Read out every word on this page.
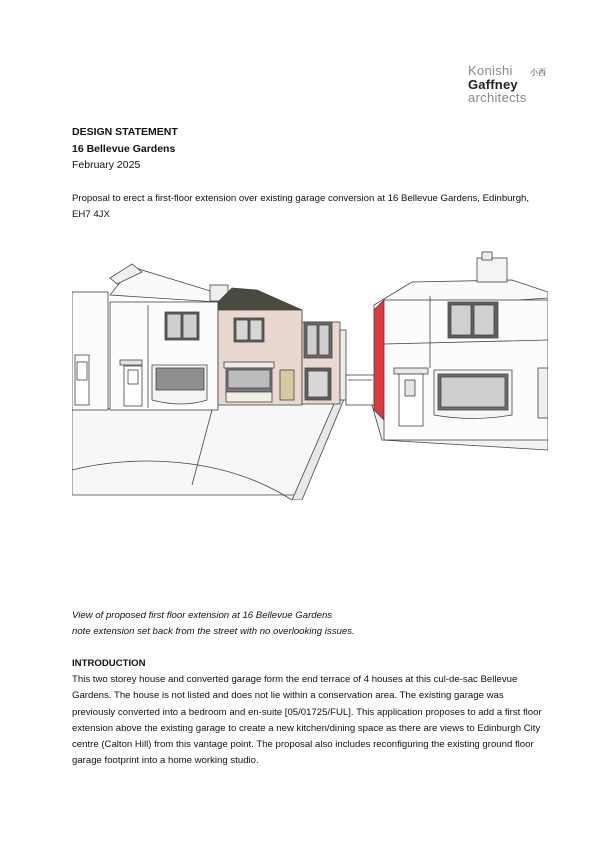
Konishi 小西
Gaffney
architects
DESIGN STATEMENT
16 Bellevue Gardens
February 2025
Proposal to erect a first-floor extension over existing garage conversion at 16 Bellevue Gardens, Edinburgh, EH7 4JX
View of proposed first floor extension at 16 Bellevue Gardens
note extension set back from the street with no overlooking issues.
INTRODUCTION
This two storey house and converted garage form the end terrace of 4 houses at this cul-de-sac Bellevue Gardens. The house is not listed and does not lie within a conservation area. The existing garage was previously converted into a bedroom and en-suite [05/01725/FUL]. This application proposes to add a first floor extension above the existing garage to create a new kitchen/dining space as there are views to Edinburgh City centre (Calton Hill) from this vantage point. The proposal also includes reconfiguring the existing ground floor garage footprint into a home working studio.
